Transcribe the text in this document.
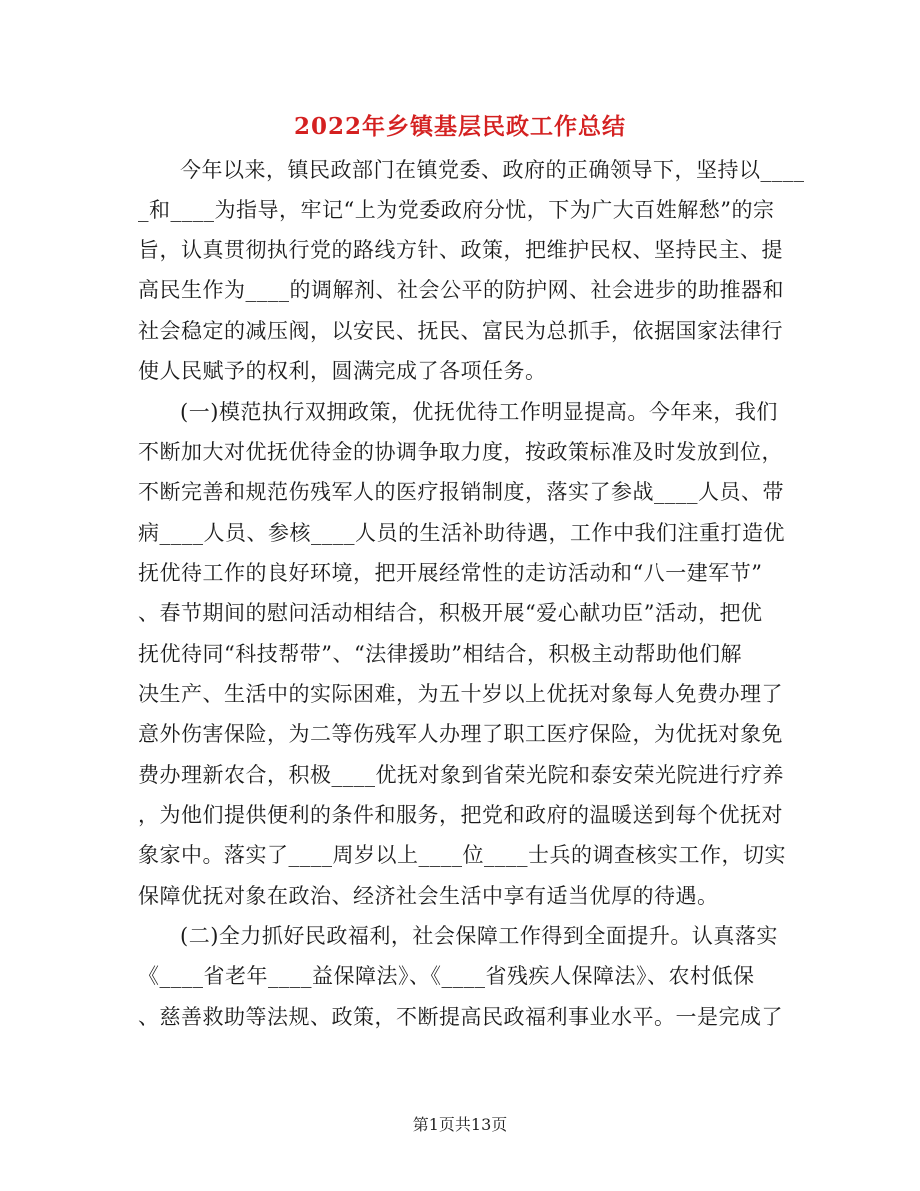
2022年乡镇基层民政工作总结
今年以来，镇民政部门在镇党委、政府的正确领导下，坚持以____
_和____为指导，牢记“上为党委政府分忧，下为广大百姓解愁”的宗
旨，认真贯彻执行党的路线方针、政策，把维护民权、坚持民主、提
高民生作为____的调解剂、社会公平的防护网、社会进步的助推器和
社会稳定的减压阀，以安民、抚民、富民为总抓手，依据国家法律行
使人民赋予的权利，圆满完成了各项任务。
(一)模范执行双拥政策，优抚优待工作明显提高。今年来，我们
不断加大对优抚优待金的协调争取力度，按政策标准及时发放到位，
不断完善和规范伤残军人的医疗报销制度，落实了参战____人员、带
病____人员、参核____人员的生活补助待遇，工作中我们注重打造优
抚优待工作的良好环境，把开展经常性的走访活动和“八一建军节”
、春节期间的慰问活动相结合，积极开展“爱心献功臣”活动，把优
抚优待同“科技帮带”、“法律援助”相结合，积极主动帮助他们解
决生产、生活中的实际困难，为五十岁以上优抚对象每人免费办理了
意外伤害保险，为二等伤残军人办理了职工医疗保险，为优抚对象免
费办理新农合，积极____优抚对象到省荣光院和泰安荣光院进行疗养
，为他们提供便利的条件和服务，把党和政府的温暖送到每个优抚对
象家中。落实了____周岁以上____位____士兵的调查核实工作，切实
保障优抚对象在政治、经济社会生活中享有适当优厚的待遇。
(二)全力抓好民政福利，社会保障工作得到全面提升。认真落实
《____省老年____益保障法》、《____省残疾人保障法》、农村低保
、慈善救助等法规、政策，不断提高民政福利事业水平。一是完成了
第1页共13页
